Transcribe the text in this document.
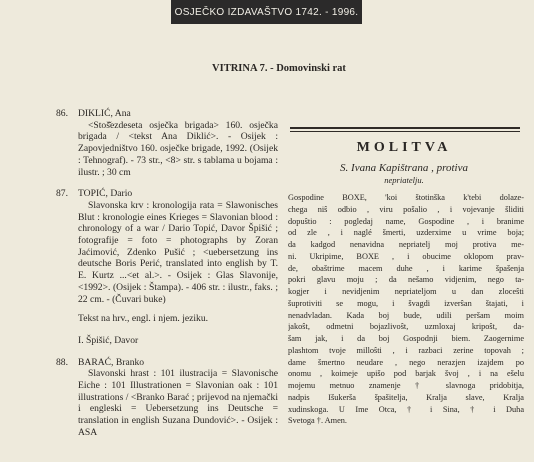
OSJEČKO IZDAVAŠTVO 1742. - 1996.
VITRINA 7. - Domovinski rat
86.	DIKLIĆ, Ana
<Stoš̌ezdeseta osječka brigada> 160. osječka brigada / <tekst Ana Diklić>. - Osijek : Zapovjedništvo 160. osječke brigade, 1992. (Osijek : Tehnograf). - 73 str., <8> str. s tablama u bojama : ilustr. ; 30 cm
87.	TOPIĆ, Dario
Slavonska krv : kronologija rata = Slawonisches Blut : kronologie eines Krieges = Slavonian blood : chronology of a war / Dario Topić, Davor Špišić ; fotografije = foto = photographs by Zoran Jaćimović, Zdenko Pušić ; <uebersetzung ins deutsche Boris Perić, translated into english by T. E. Kurtz ...<et al.>. - Osijek : Glas Slavonije, <1992>. (Osijek : Štampa). - 406 str. : ilustr., faks. ; 22 cm. - (Čuvari buke)
Tekst na hrv., engl. i njem. jeziku.
I. Špišić, Davor
88.	BARAĆ, Branko
Slavonski hrast : 101 ilustracija = Slavonische Eiche : 101 Illustrationen = Slavonian oak : 101 illustrations / <Branko Barać ; prijevod na njemački i engleski = Uebersetzung ins Deutsche = translation in english Suzana Dundović>. - Osijek : ASA
MOLITVA
S. Ivana Kapištrana , protiva
nepriatelju.
Gospodine BOXE, 'koi štotinška k'tebi dolaze-
chega niŝ odbio , viru pošalio , i vojevanje šliditi
dopuŝtio : pogledaj name, Gospodine , i branime
od zle , i naglé šmerti, uzderxime u vrime boja;
da kadgod nenavidna nepriatelj moj protiva me-
ni. Ukripime, BOXE , i obucime oklopom prav-
de, obaštrime macem duhe , i karime špašenja
pokri glavu moju ; da nešamo vidjenim, nego ta-
kogjer i nevidjenim nepriateljom u dan zloceŝti
šuprotiviti se mogu, i švagdi izverŝan štajati, i
nenadvladan. Kada boj bude, udili peršam moim
jakoŝt, odmetni bojazlivoŝt, uzmloxaj kripoŝt, da-
šam jak, i da boj Gospodnji biem. Zaogernime
plashtom tvoje milloŝti , i razbaci zerine topovah ;
dame šmertno neudare , nego nerazjen izajdem po
onomu , koimeje upišo pod barjak švoj , i na ešelu
mojemu metnuo znamenje † slavnoga pridobitja,
nadpis Išukerša špašitelja, Kralja slave, Kralja
xudinskoga. U Ime Otca, † i Sina, † i Duha
Svetoga †. Amen.
